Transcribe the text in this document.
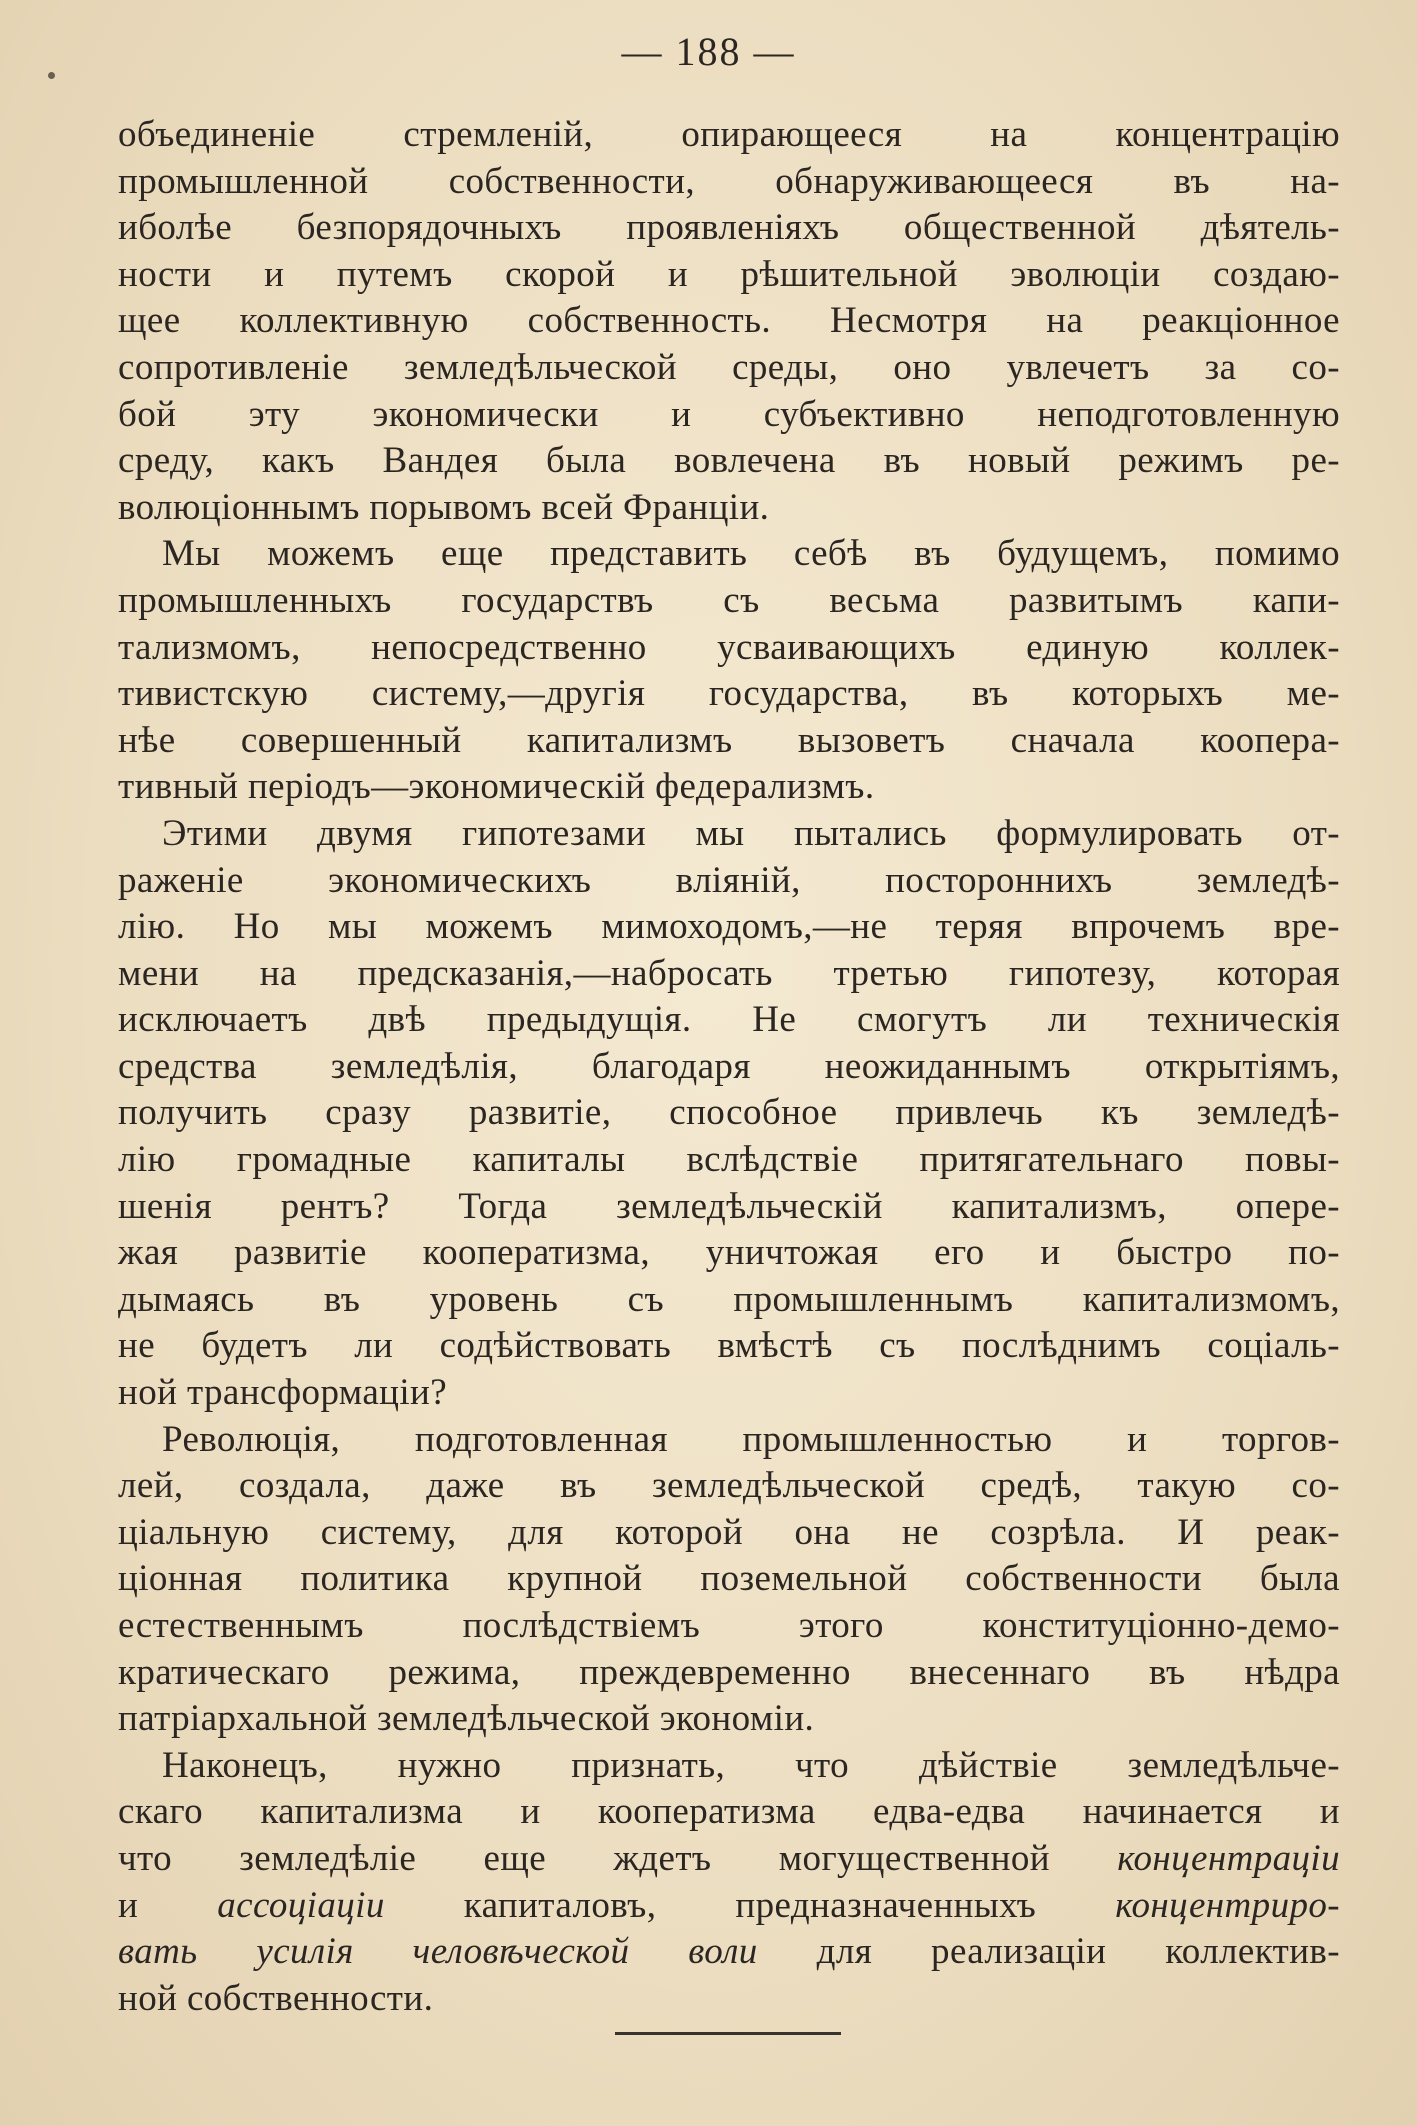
— 188 —
объединеніе стремленій, опирающееся на концентрацію
промышленной собственности, обнаруживающееся въ на-
иболѣе безпорядочныхъ проявленіяхъ общественной дѣятель-
ности и путемъ скорой и рѣшительной эволюціи создаю-
щее коллективную собственность. Несмотря на реакціонное
сопротивленіе земледѣльческой среды, оно увлечетъ за со-
бой эту экономически и субъективно неподготовленную
среду, какъ Вандея была вовлечена въ новый режимъ ре-
волюціоннымъ порывомъ всей Франціи.
Мы можемъ еще представить себѣ въ будущемъ, помимо
промышленныхъ государствъ съ весьма развитымъ капи-
тализмомъ, непосредственно усваивающихъ единую коллек-
тивистскую систему,—другія государства, въ которыхъ ме-
нѣе совершенный капитализмъ вызоветъ сначала коопера-
тивный періодъ—экономическій федерализмъ.
Этими двумя гипотезами мы пытались формулировать от-
раженіе экономическихъ вліяній, постороннихъ земледѣ-
лію. Но мы можемъ мимоходомъ,—не теряя впрочемъ вре-
мени на предсказанія,—набросать третью гипотезу, которая
исключаетъ двѣ предыдущія. Не смогутъ ли техническія
средства земледѣлія, благодаря неожиданнымъ открытіямъ,
получить сразу развитіе, способное привлечь къ земледѣ-
лію громадные капиталы вслѣдствіе притягательнаго повы-
шенія рентъ? Тогда земледѣльческій капитализмъ, опере-
жая развитіе кооператизма, уничтожая его и быстро по-
дымаясь въ уровень съ промышленнымъ капитализмомъ,
не будетъ ли содѣйствовать вмѣстѣ съ послѣднимъ соціаль-
ной трансформаціи?
Революція, подготовленная промышленностью и торгов-
лей, создала, даже въ земледѣльческой средѣ, такую со-
ціальную систему, для которой она не созрѣла. И реак-
ціонная политика крупной поземельной собственности была
естественнымъ послѣдствіемъ этого конституціонно-демо-
кратическаго режима, преждевременно внесеннаго въ нѣдра
патріархальной земледѣльческой экономіи.
Наконецъ, нужно признать, что дѣйствіе земледѣльче-
скаго капитализма и кооператизма едва-едва начинается и
что земледѣліе еще ждетъ могущественной концентраціи
и ассоціаціи капиталовъ, предназначенныхъ концентриро-
вать усилія человѣческой воли для реализаціи коллектив-
ной собственности.
